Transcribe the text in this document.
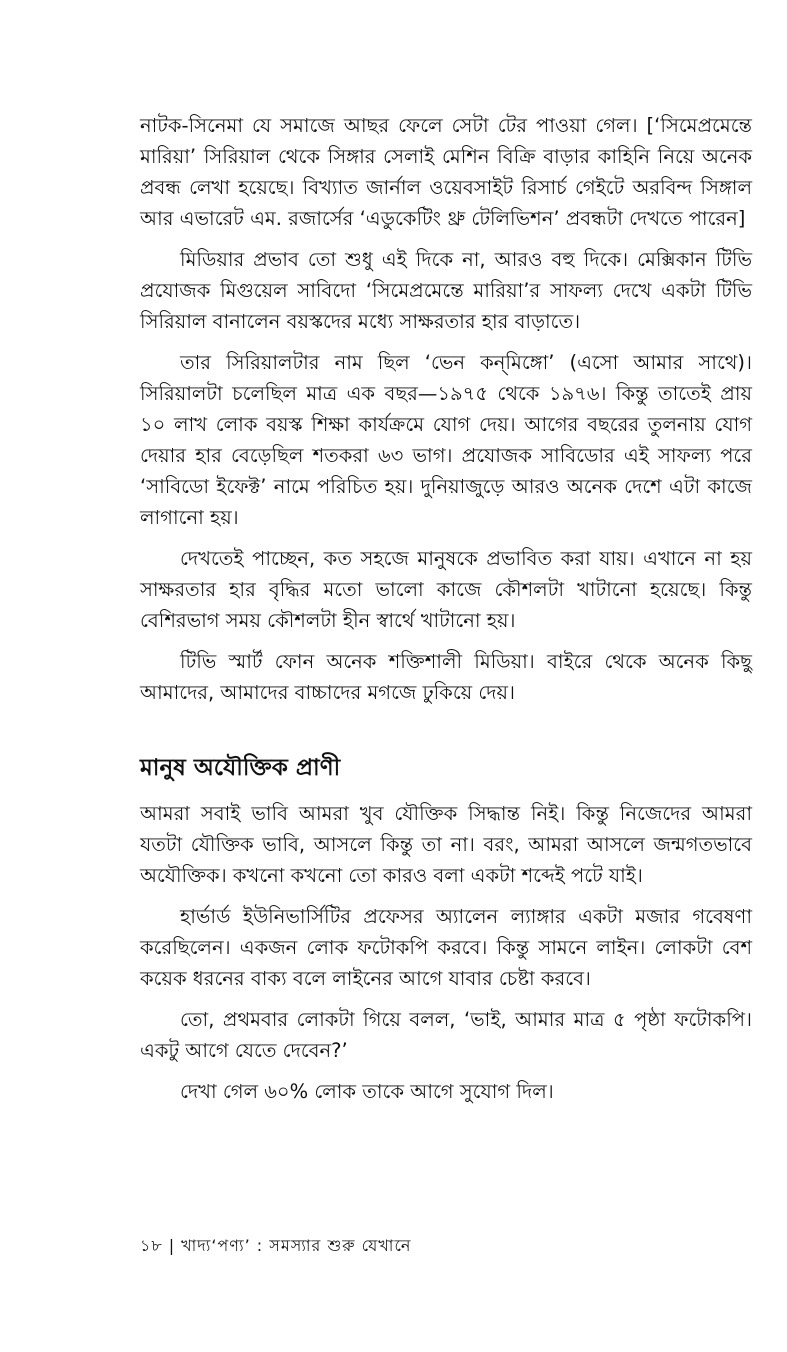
নাটক-সিনেমা যে সমাজে আছর ফেলে সেটা টের পাওয়া গেল। [‘সিমেপ্রমেন্তে মারিয়া’ সিরিয়াল থেকে সিঙ্গার সেলাই মেশিন বিক্রি বাড়ার কাহিনি নিয়ে অনেক প্রবন্ধ লেখা হয়েছে। বিখ্যাত জার্নাল ওয়েবসাইট রিসার্চ গেইটে অরবিন্দ সিঙ্গাল আর এভারেট এম. রজার্সের ‘এডুকেটিং থ্রু টেলিভিশন’ প্রবন্ধটা দেখতে পারেন]

মিডিয়ার প্রভাব তো শুধু এই দিকে না, আরও বহু দিকে। মেক্সিকান টিভি প্রযোজক মিগুয়েল সাবিদো ‘সিমেপ্রমেন্তে মারিয়া’র সাফল্য দেখে একটা টিভি সিরিয়াল বানালেন বয়স্কদের মধ্যে সাক্ষরতার হার বাড়াতে।

তার সিরিয়ালটার নাম ছিল ‘ভেন কন্‌মিঙ্গো’ (এসো আমার সাথে)। সিরিয়ালটা চলেছিল মাত্র এক বছর—১৯৭৫ থেকে ১৯৭৬। কিন্তু তাতেই প্রায় ১০ লাখ লোক বয়স্ক শিক্ষা কার্যক্রমে যোগ দেয়। আগের বছরের তুলনায় যোগ দেয়ার হার বেড়েছিল শতকরা ৬৩ ভাগ। প্রযোজক সাবিডোর এই সাফল্য পরে ‘সাবিডো ইফেক্ট’ নামে পরিচিত হয়। দুনিয়াজুড়ে আরও অনেক দেশে এটা কাজে লাগানো হয়।

দেখতেই পাচ্ছেন, কত সহজে মানুষকে প্রভাবিত করা যায়। এখানে না হয় সাক্ষরতার হার বৃদ্ধির মতো ভালো কাজে কৌশলটা খাটানো হয়েছে। কিন্তু বেশিরভাগ সময় কৌশলটা হীন স্বার্থে খাটানো হয়।

টিভি স্মার্ট ফোন অনেক শক্তিশালী মিডিয়া। বাইরে থেকে অনেক কিছু আমাদের, আমাদের বাচ্চাদের মগজে ঢুকিয়ে দেয়।

মানুষ অযৌক্তিক প্রাণী

আমরা সবাই ভাবি আমরা খুব যৌক্তিক সিদ্ধান্ত নিই। কিন্তু নিজেদের আমরা যতটা যৌক্তিক ভাবি, আসলে কিন্তু তা না। বরং, আমরা আসলে জন্মগতভাবে অযৌক্তিক। কখনো কখনো তো কারও বলা একটা শব্দেই পটে যাই।

হার্ভার্ড ইউনিভার্সিটির প্রফেসর অ্যালেন ল্যাঙ্গার একটা মজার গবেষণা করেছিলেন। একজন লোক ফটোকপি করবে। কিন্তু সামনে লাইন। লোকটা বেশ কয়েক ধরনের বাক্য বলে লাইনের আগে যাবার চেষ্টা করবে।

তো, প্রথমবার লোকটা গিয়ে বলল, ‘ভাই, আমার মাত্র ৫ পৃষ্ঠা ফটোকপি। একটু আগে যেতে দেবেন?’

দেখা গেল ৬০% লোক তাকে আগে সুযোগ দিল।

১৮ | খাদ্য‘পণ্য’ : সমস্যার শুরু যেখানে
